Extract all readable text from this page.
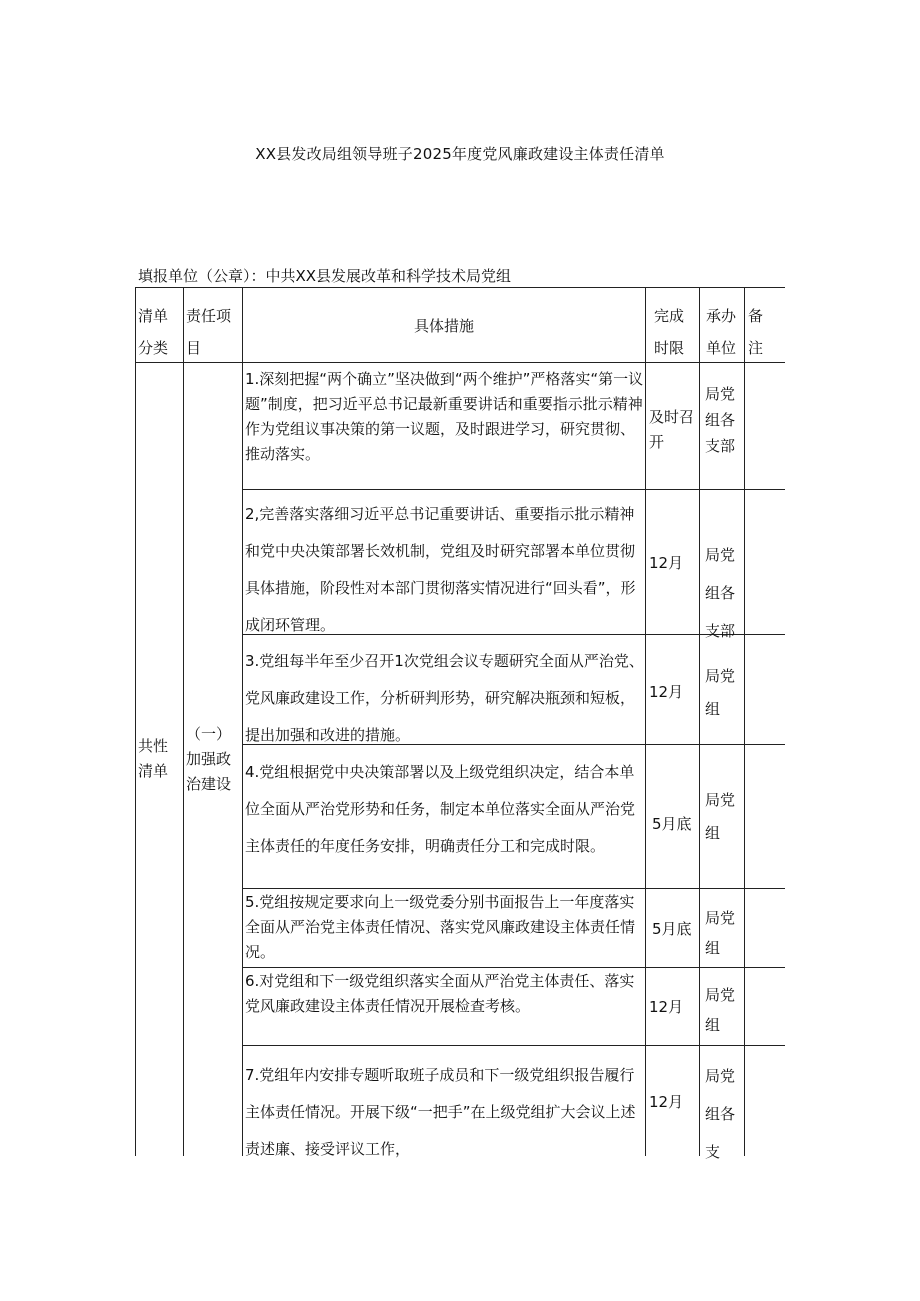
XX县发改局组领导班子2025年度党风廉政建设主体责任清单
填报单位（公章）：中共XX县发展改革和科学技术局党组
清单分类
责任项目
具体措施
完成时限
承办单位
备注
共性清单
（一）
加强政治建设
1.深刻把握“两个确立”坚决做到“两个维护”严格落实“第一议题”制度，把习近平总书记最新重要讲话和重要指示批示精神作为党组议事决策的第一议题，及时跟进学习，研究贯彻、推动落实。
及时召开
局党组各支部
2,完善落实落细习近平总书记重要讲话、重要指示批示精神和党中央决策部署长效机制，党组及时研究部署本单位贯彻具体措施，阶段性对本部门贯彻落实情况进行“回头看”，形成闭环管理。
12月	局党组各支部
3.党组每半年至少召开1次党组会议专题研究全面从严治党、党风廉政建设工作，分析研判形势，研究解决瓶颈和短板，提出加强和改进的措施。
12月
局党组
4.党组根据党中央决策部署以及上级党组织决定，结合本单位全面从严治党形势和任务，制定本单位落实全面从严治党主体责任的年度任务安排，明确责任分工和完成时限。
5月底
局党组
5.党组按规定要求向上一级党委分别书面报告上一年度落实全面从严治党主体责任情况、落实党风廉政建设主体责任情况。
5月底
局党组
6.对党组和下一级党组织落实全面从严治党主体责任、落实党风廉政建设主体责任情况开展检查考核。	12月
局党组
7.党组年内安排专题听取班子成员和下一级党组织报告履行主体责任情况。开展下级“一把手”在上级党组扩大会议上述责述廉、接受评议工作，
12月
局党组各支
